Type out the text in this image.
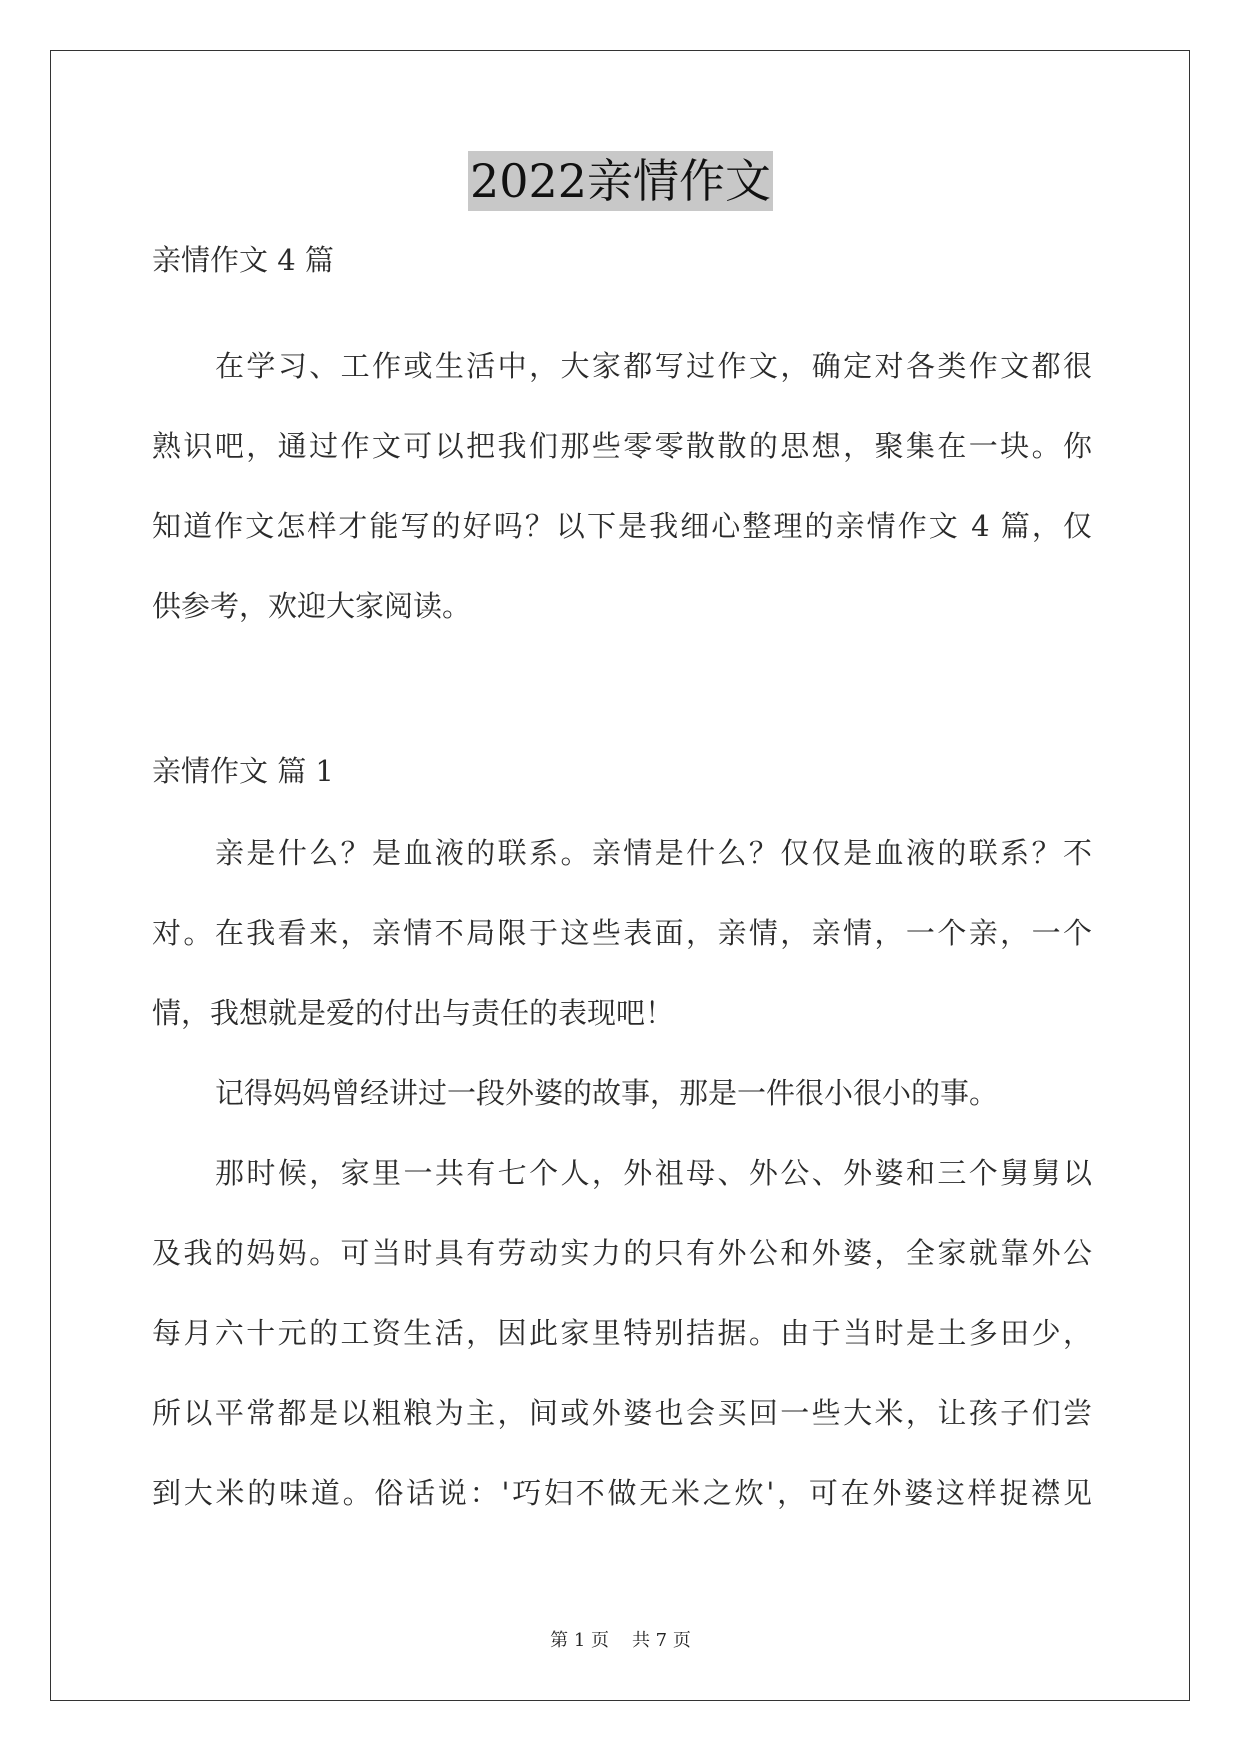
2022亲情作文
亲情作文 4 篇
在学习、工作或生活中，大家都写过作文，确定对各类作文都很
熟识吧，通过作文可以把我们那些零零散散的思想，聚集在一块。你
知道作文怎样才能写的好吗？以下是我细心整理的亲情作文 4 篇，仅
供参考，欢迎大家阅读。
亲情作文 篇 1
亲是什么？是血液的联系。亲情是什么？仅仅是血液的联系？不
对。在我看来，亲情不局限于这些表面，亲情，亲情，一个亲，一个
情，我想就是爱的付出与责任的表现吧！
记得妈妈曾经讲过一段外婆的故事，那是一件很小很小的事。
那时候，家里一共有七个人，外祖母、外公、外婆和三个舅舅以
及我的妈妈。可当时具有劳动实力的只有外公和外婆，全家就靠外公
每月六十元的工资生活，因此家里特别拮据。由于当时是土多田少，
所以平常都是以粗粮为主，间或外婆也会买回一些大米，让孩子们尝
到大米的味道。俗话说：'巧妇不做无米之炊'，可在外婆这样捉襟见
第 1 页 共 7 页
